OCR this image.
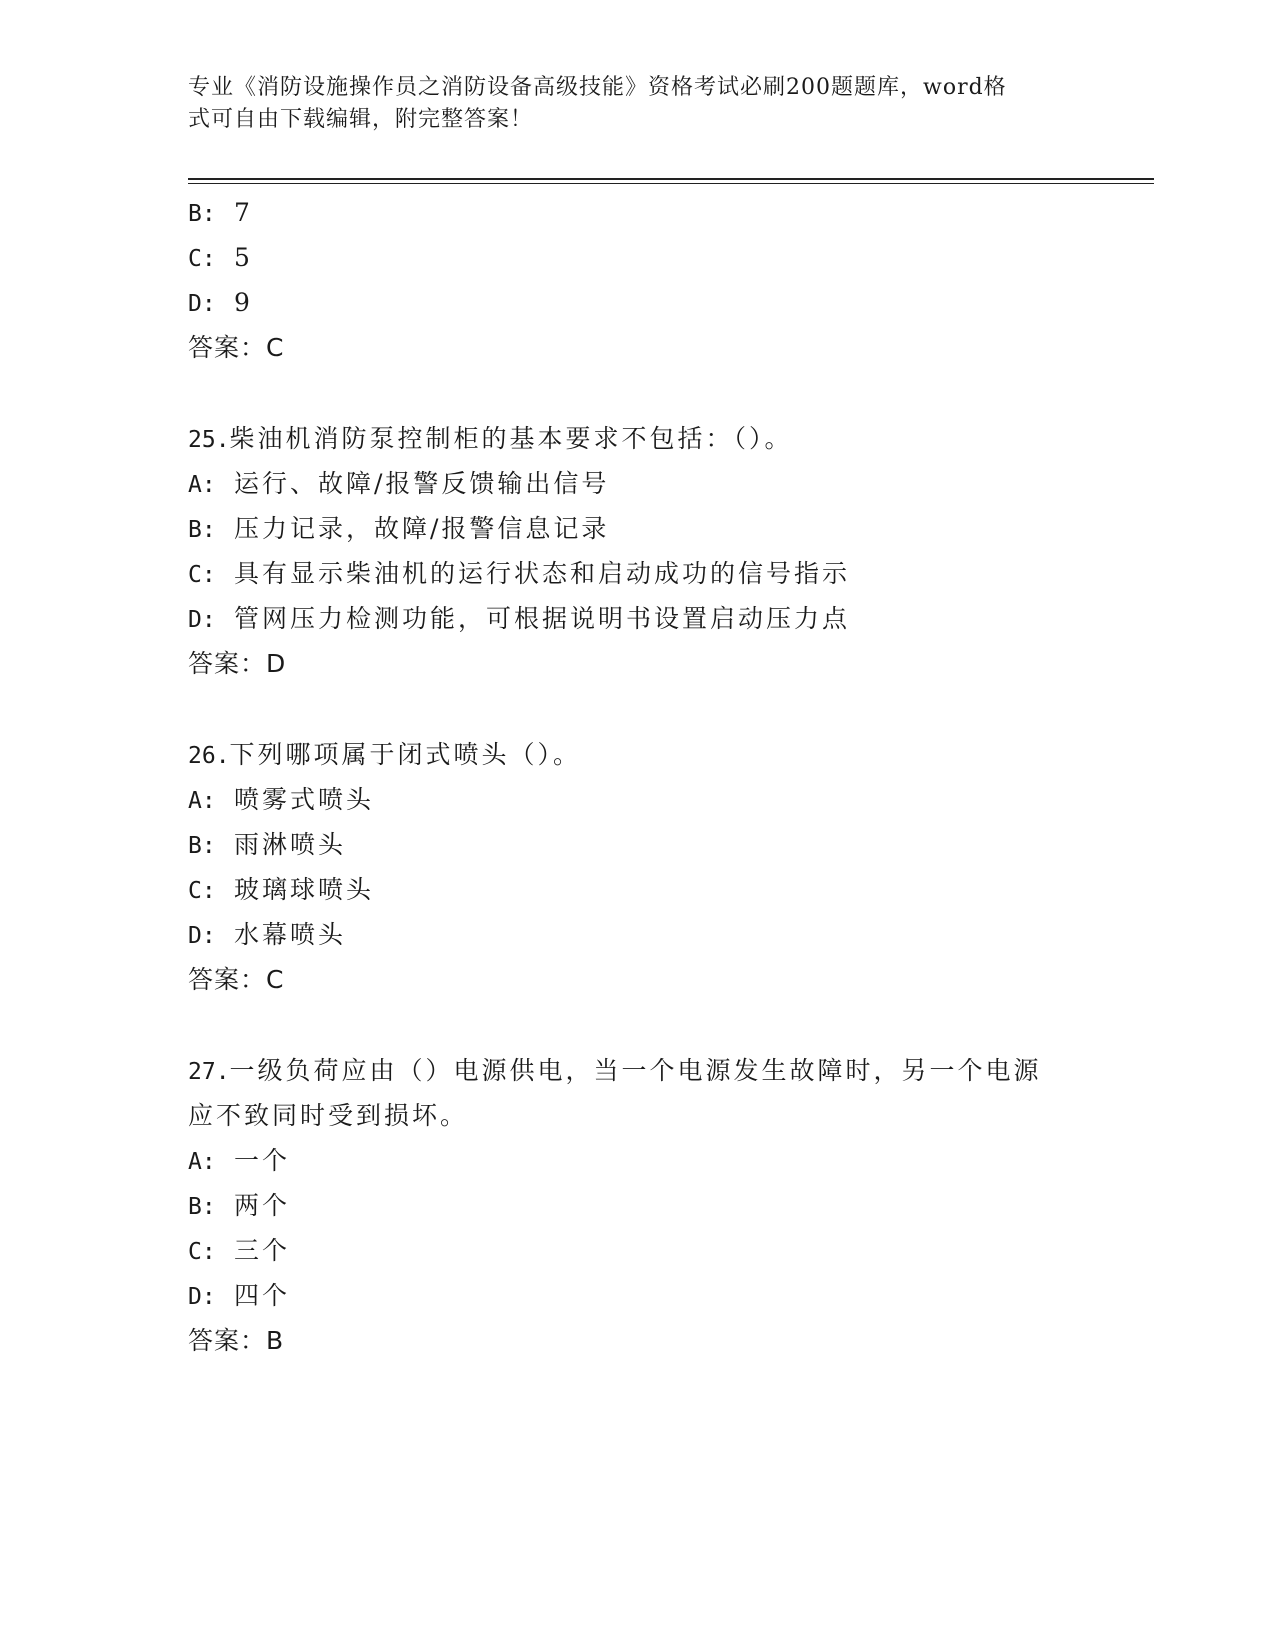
专业《消防设施操作员之消防设备高级技能》资格考试必刷200题题库，word格
式可自由下载编辑，附完整答案！
B: 7
C: 5
D: 9
答案：C
25.柴油机消防泵控制柜的基本要求不包括：（）。
A: 运行、故障/报警反馈输出信号
B: 压力记录，故障/报警信息记录
C: 具有显示柴油机的运行状态和启动成功的信号指示
D: 管网压力检测功能，可根据说明书设置启动压力点
答案：D
26.下列哪项属于闭式喷头（）。
A: 喷雾式喷头
B: 雨淋喷头
C: 玻璃球喷头
D: 水幕喷头
答案：C
27.一级负荷应由（）电源供电，当一个电源发生故障时，另一个电源
应不致同时受到损坏。
A: 一个
B: 两个
C: 三个
D: 四个
答案：B
